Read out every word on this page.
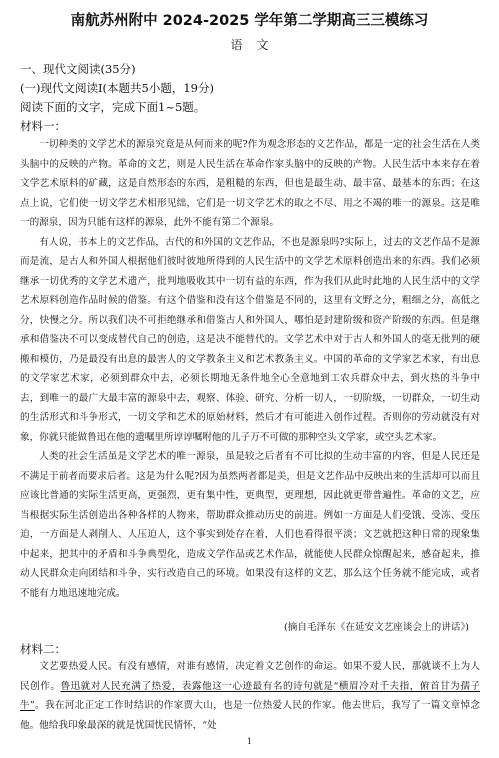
南航苏州附中 2024-2025 学年第二学期高三三模练习
语文
一、现代文阅读(35分)
(一)现代文阅读Ⅰ(本题共5小题，19分)
阅读下面的文字，完成下面1~5题。
材料一：

一切种类的文学艺术的源泉究竟是从何而来的呢?作为观念形态的文艺作品，都是一定的社会生活在人类头脑中的反映的产物。革命的文艺，则是人民生活在革命作家头脑中的反映的产物。人民生活中本来存在着文学艺术原料的矿藏，这是自然形态的东西，是粗糙的东西，但也是最生动、最丰富、最基本的东西；在这点上说，它们使一切文学艺术相形见绌，它们是一切文学艺术的取之不尽、用之不竭的唯一的源泉。这是唯一的源泉，因为只能有这样的源泉，此外不能有第二个源泉。

有人说，书本上的文艺作品，古代的和外国的文艺作品，不也是源泉吗?实际上，过去的文艺作品不是源而是流，是古人和外国人根据他们彼时彼地所得到的人民生活中的文学艺术原料创造出来的东西。我们必须继承一切优秀的文学艺术遗产，批判地吸收其中一切有益的东西，作为我们从此时此地的人民生活中的文学艺术原料创造作品时候的借鉴。有这个借鉴和没有这个借鉴是不同的，这里有文野之分，粗细之分，高低之分，快慢之分。所以我们决不可拒绝继承和借鉴古人和外国人，哪怕是封建阶级和资产阶级的东西。但是继承和借鉴决不可以变成替代自己的创造，这是决不能替代的。文学艺术中对于古人和外国人的毫无批判的硬搬和模仿，乃是最没有出息的最害人的文学教条主义和艺术教条主义。中国的革命的文学家艺术家，有出息的文学家艺术家，必须到群众中去，必须长期地无条件地全心全意地到工农兵群众中去，到火热的斗争中去，到唯一的最广大最丰富的源泉中去，观察、体验、研究、分析一切人，一切阶级，一切群众，一切生动的生活形式和斗争形式，一切文学和艺术的原始材料，然后才有可能进入创作过程。否则你的劳动就没有对象，你就只能做鲁迅在他的遗嘱里所谆谆嘱咐他的儿子万不可做的那种空头文学家，或空头艺术家。

人类的社会生活虽是文学艺术的唯一源泉，虽是较之后者有不可比拟的生动丰富的内容，但是人民还是不满足于前者而要求后者。这是为什么呢?因为虽然两者都是美，但是文艺作品中反映出来的生活却可以而且应该比普通的实际生活更高，更强烈，更有集中性，更典型，更理想，因此就更带普遍性。革命的文艺，应当根据实际生活创造出各种各样的人物来，帮助群众推动历史的前进。例如一方面是人们受饿、受冻、受压迫，一方面是人剥削人、人压迫人，这个事实到处存在着，人们也看得很平淡；文艺就把这种日常的现象集中起来，把其中的矛盾和斗争典型化，造成文学作品或艺术作品，就能使人民群众惊醒起来，感奋起来，推动人民群众走向团结和斗争，实行改造自己的环境。如果没有这样的文艺，那么这个任务就不能完成，或者不能有力地迅速地完成。

(摘自毛泽东《在延安文艺座谈会上的讲话》)
材料二：

文艺要热爱人民。有没有感情，对谁有感情，决定着文艺创作的命运。如果不爱人民，那就谈不上为人民创作。鲁迅就对人民充满了热爱，表露他这一心迹最有名的诗句就是“横眉冷对千夫指，俯首甘为孺子牛”。我在河北正定工作时结识的作家贾大山，也是一位热爱人民的作家。他去世后，我写了一篇文章悼念他。他给我印象最深的就是忧国忧民情怀，“处

1
